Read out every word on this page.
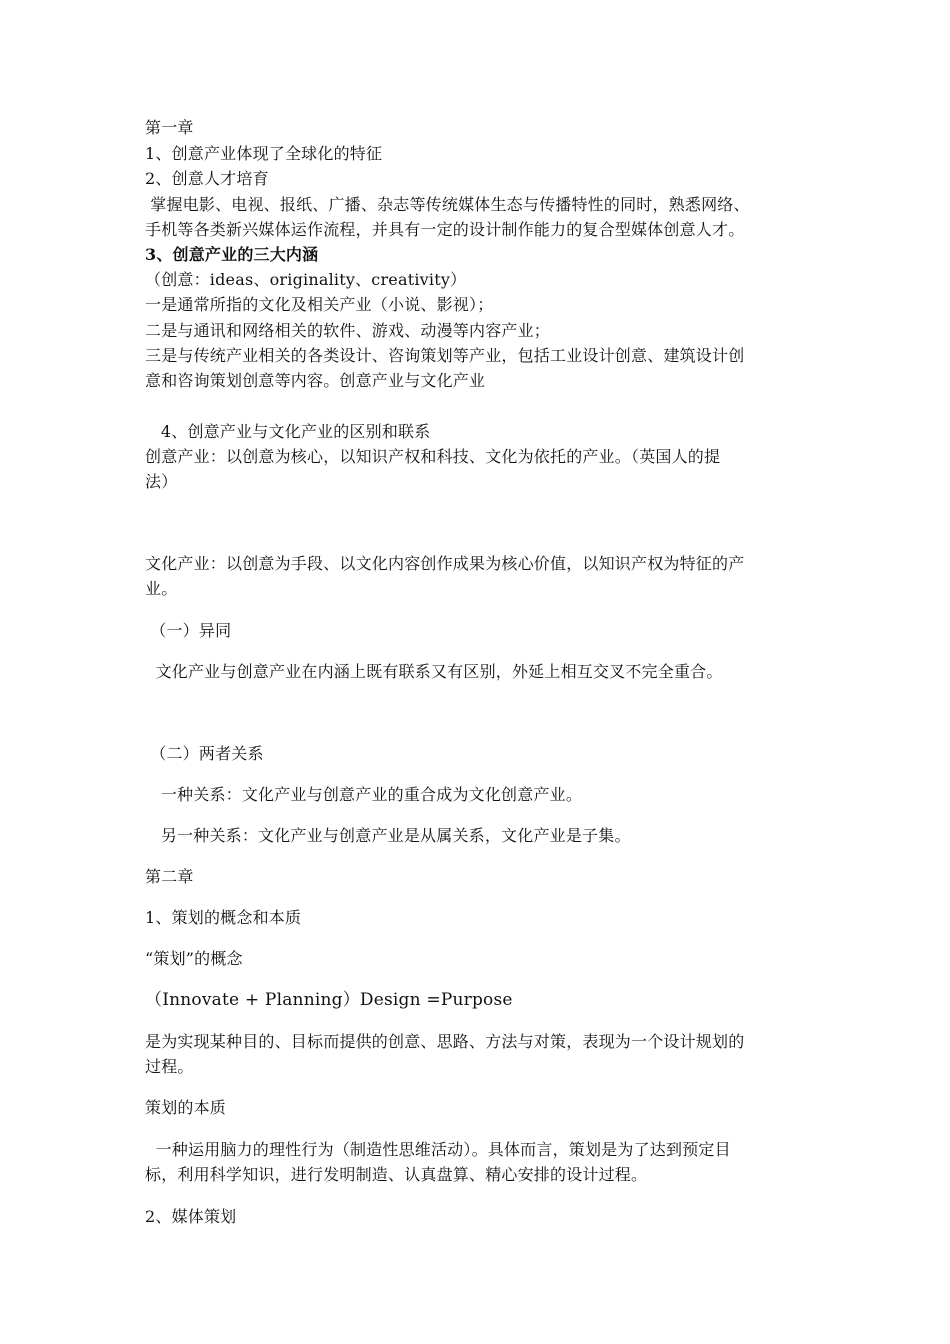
第一章
1、创意产业体现了全球化的特征
2、创意人才培育
掌握电影、电视、报纸、广播、杂志等传统媒体生态与传播特性的同时，熟悉网络、
手机等各类新兴媒体运作流程，并具有一定的设计制作能力的复合型媒体创意人才。
3、创意产业的三大内涵
（创意：ideas、originality、creativity）
一是通常所指的文化及相关产业（小说、影视）；
二是与通讯和网络相关的软件、游戏、动漫等内容产业；
三是与传统产业相关的各类设计、咨询策划等产业，包括工业设计创意、建筑设计创
意和咨询策划创意等内容。创意产业与文化产业
4、创意产业与文化产业的区别和联系
创意产业：以创意为核心，以知识产权和科技、文化为依托的产业。（英国人的提
法）
文化产业：以创意为手段、以文化内容创作成果为核心价值，以知识产权为特征的产
业。
（一）异同
文化产业与创意产业在内涵上既有联系又有区别，外延上相互交叉不完全重合。
（二）两者关系
一种关系：文化产业与创意产业的重合成为文化创意产业。
另一种关系：文化产业与创意产业是从属关系，文化产业是子集。
第二章
1、策划的概念和本质
“策划”的概念
（Innovate + Planning）Design =Purpose
是为实现某种目的、目标而提供的创意、思路、方法与对策，表现为一个设计规划的
过程。
策划的本质
一种运用脑力的理性行为（制造性思维活动）。具体而言，策划是为了达到预定目
标，利用科学知识，进行发明制造、认真盘算、精心安排的设计过程。
2、媒体策划
